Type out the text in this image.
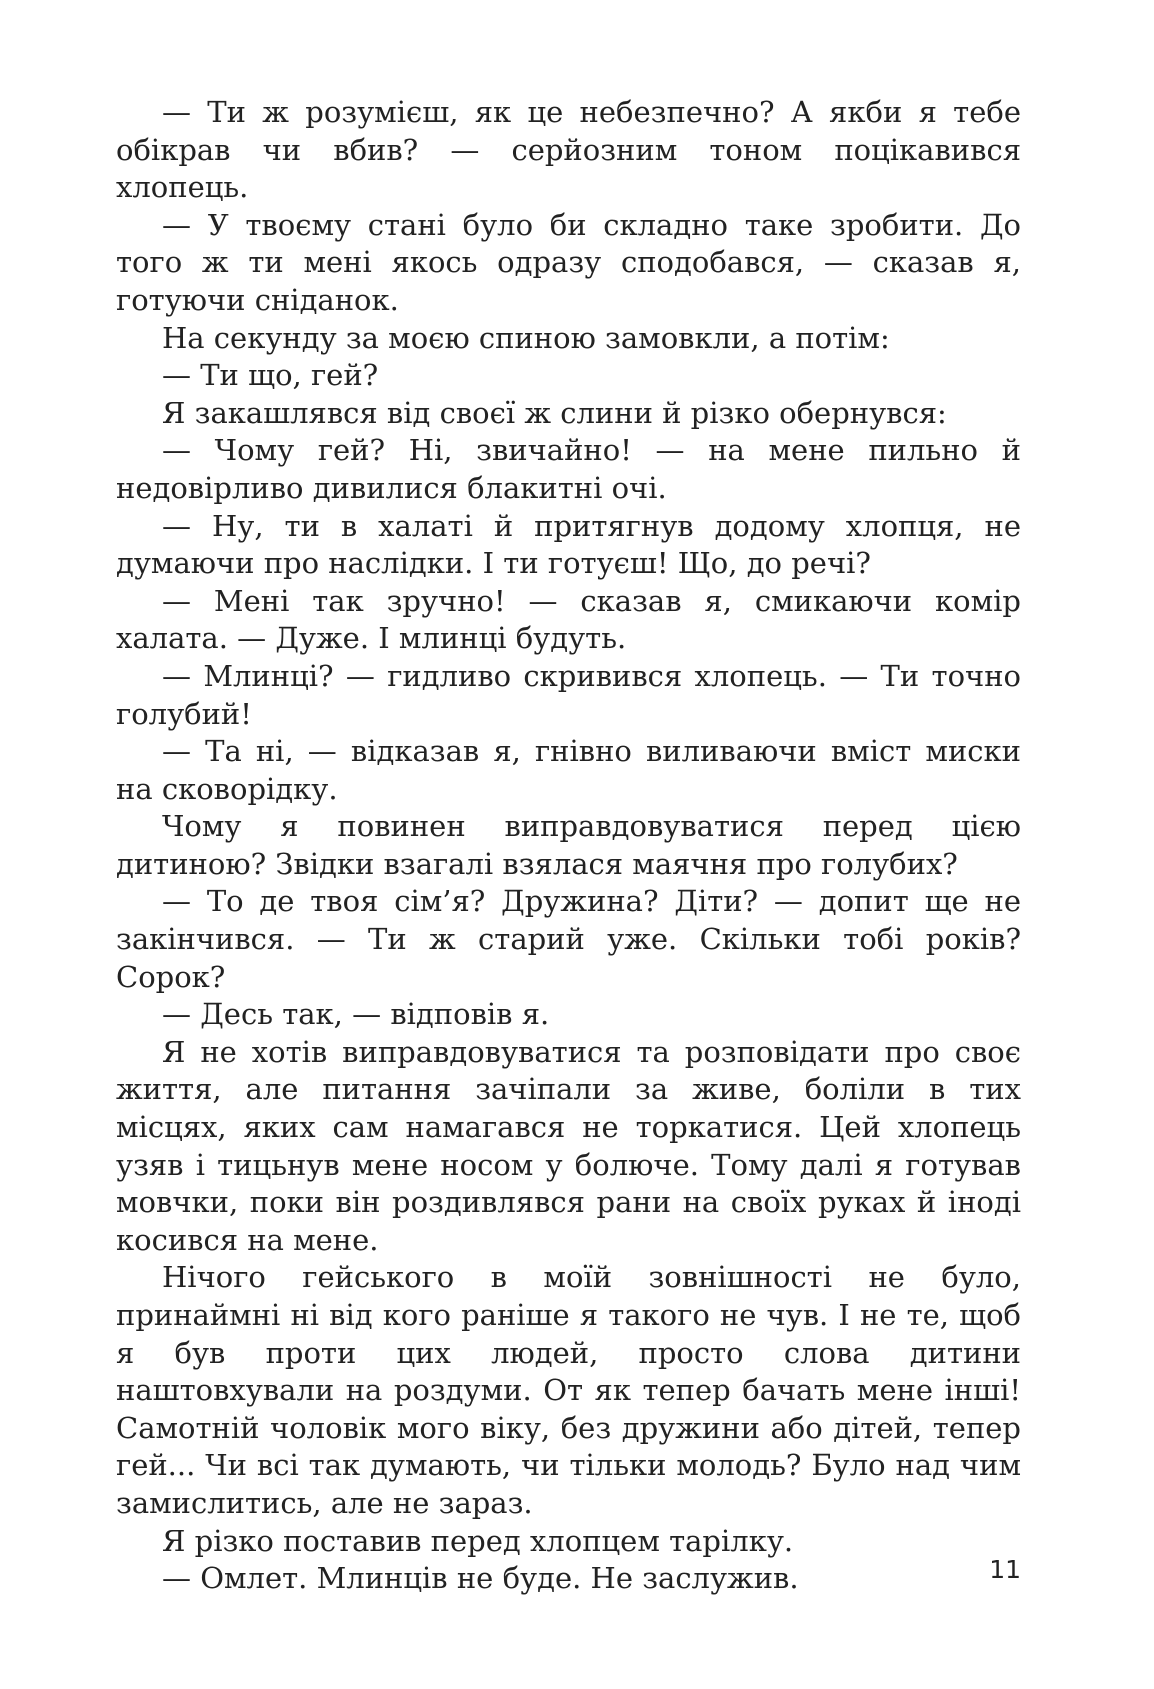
— Ти ж розумієш, як це небезпечно? А якби я тебе обікрав чи вбив? — серйозним тоном поцікавився хлопець.

— У твоєму стані було би складно таке зробити. До того ж ти мені якось одразу сподобався, — сказав я, готуючи сніданок.

На секунду за моєю спиною замовкли, а потім:

— Ти що, гей?

Я закашлявся від своєї ж слини й різко обернувся:

— Чому гей? Ні, звичайно! — на мене пильно й недовірливо дивилися блакитні очі.

— Ну, ти в халаті й притягнув додому хлопця, не думаючи про наслідки. І ти готуєш! Що, до речі?

— Мені так зручно! — сказав я, смикаючи комір халата. — Дуже. І млинці будуть.

— Млинці? — гидливо скривився хлопець. — Ти точно голубий!

— Та ні, — відказав я, гнівно виливаючи вміст миски на сковорідку.

Чому я повинен виправдовуватися перед цією дитиною? Звідки взагалі взялася маячня про голубих?

— То де твоя сім’я? Дружина? Діти? — допит ще не закінчився. — Ти ж старий уже. Скільки тобі років? Сорок?

— Десь так, — відповів я.

Я не хотів виправдовуватися та розповідати про своє життя, але питання зачіпали за живе, боліли в тих місцях, яких сам намагався не торкатися. Цей хлопець узяв і тицьнув мене носом у болюче. Тому далі я готував мовчки, поки він роздивлявся рани на своїх руках й іноді косився на мене.

Нічого гейського в моїй зовнішності не було, принаймні ні від кого раніше я такого не чув. І не те, щоб я був проти цих людей, просто слова дитини наштовхували на роздуми. От як тепер бачать мене інші! Самотній чоловік мого віку, без дружини або дітей, тепер гей... Чи всі так думають, чи тільки молодь? Було над чим замислитись, але не зараз.

Я різко поставив перед хлопцем тарілку.

— Омлет. Млинців не буде. Не заслужив.	11
